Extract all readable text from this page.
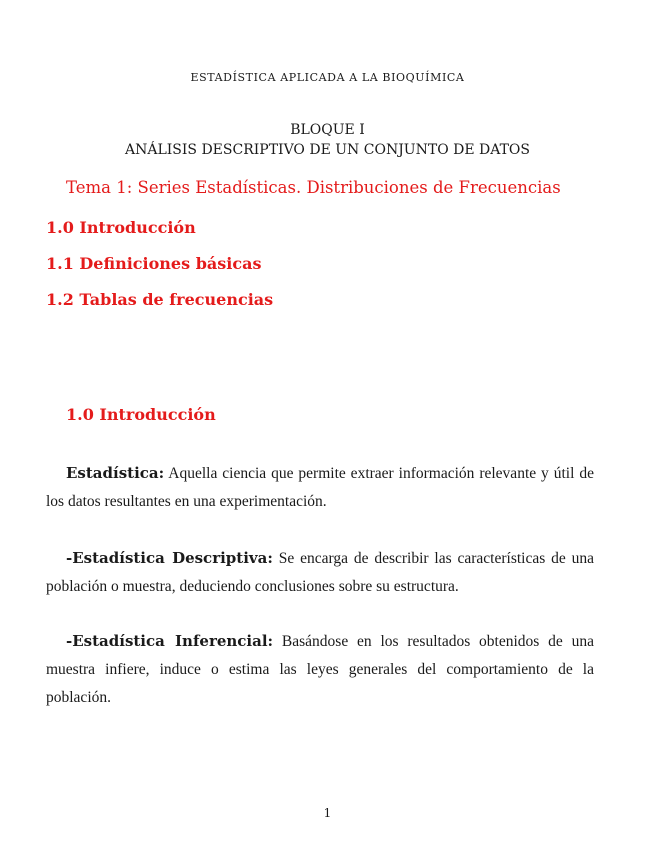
ESTADÍSTICA APLICADA A LA BIOQUÍMICA
BLOQUE I
ANÁLISIS DESCRIPTIVO DE UN CONJUNTO DE DATOS
Tema 1: Series Estadísticas. Distribuciones de Frecuencias
1.0 Introducción
1.1 Definiciones básicas
1.2 Tablas de frecuencias
1.0 Introducción
Estadística: Aquella ciencia que permite extraer información relevante y útil de los datos resultantes en una experimentación.
-Estadística Descriptiva: Se encarga de describir las características de una población o muestra, deduciendo conclusiones sobre su estructura.
-Estadística Inferencial: Basándose en los resultados obtenidos de una muestra infiere, induce o estima las leyes generales del comportamiento de la población.
1
